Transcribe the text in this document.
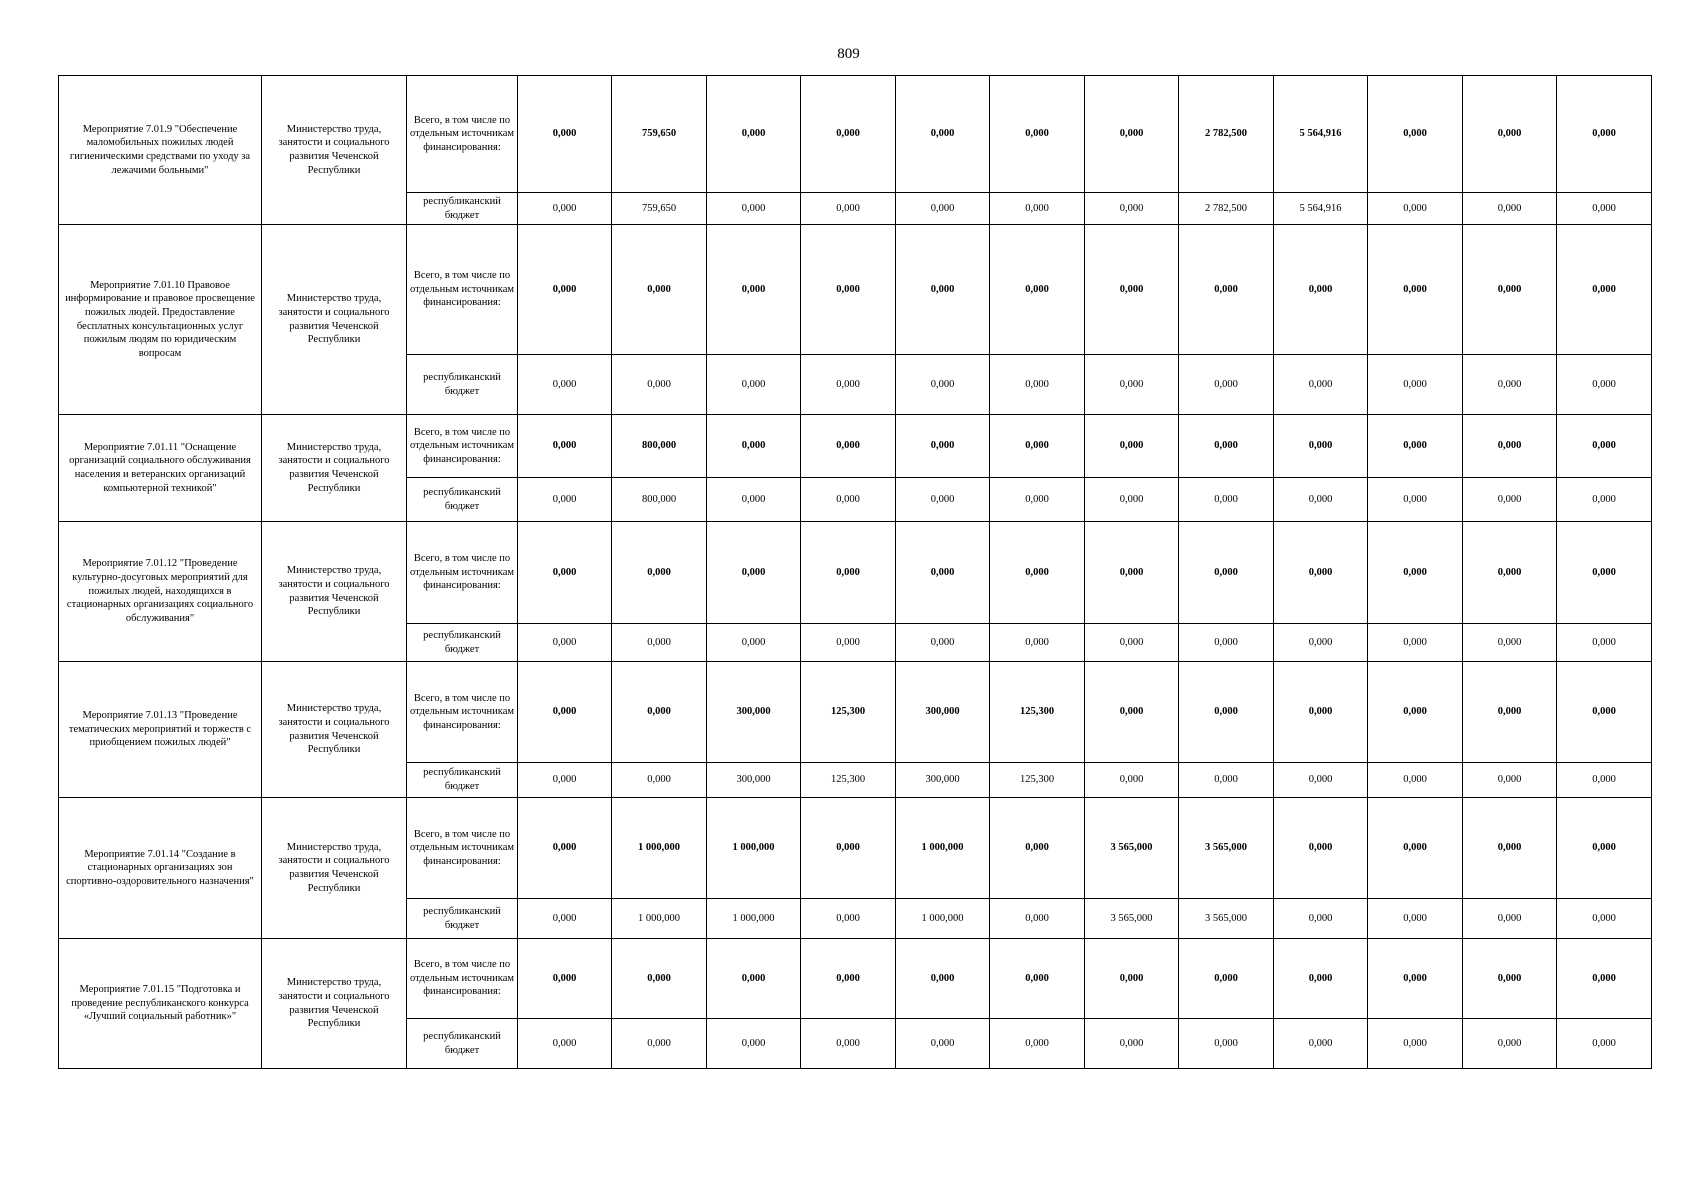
809
Мероприятие 7.01.9 "Обеспечение маломобильных пожилых людей гигиеническими средствами по уходу за лежачими больными"	Министерство труда, занятости и социального развития Чеченской Республики	Всего, в том числе по отдельным источникам финансирования:	0,000	759,650	0,000	0,000	0,000	0,000	0,000	2 782,500	5 564,916	0,000	0,000	0,000
		республиканский бюджет	0,000	759,650	0,000	0,000	0,000	0,000	0,000	2 782,500	5 564,916	0,000	0,000	0,000
Мероприятие 7.01.10 Правовое информирование и правовое просвещение пожилых людей. Предоставление бесплатных консультационных услуг пожилым людям по юридическим вопросам	Министерство труда, занятости и социального развития Чеченской Республики	Всего, в том числе по отдельным источникам финансирования:	0,000	0,000	0,000	0,000	0,000	0,000	0,000	0,000	0,000	0,000	0,000	0,000
		республиканский бюджет	0,000	0,000	0,000	0,000	0,000	0,000	0,000	0,000	0,000	0,000	0,000	0,000
Мероприятие 7.01.11 "Оснащение организаций социального обслуживания населения и ветеранских организаций компьютерной техникой"	Министерство труда, занятости и социального развития Чеченской Республики	Всего, в том числе по отдельным источникам финансирования:	0,000	800,000	0,000	0,000	0,000	0,000	0,000	0,000	0,000	0,000	0,000	0,000
		республиканский бюджет	0,000	800,000	0,000	0,000	0,000	0,000	0,000	0,000	0,000	0,000	0,000	0,000
Мероприятие 7.01.12 "Проведение культурно-досуговых мероприятий для пожилых людей, находящихся в стационарных организациях социального обслуживания"	Министерство труда, занятости и социального развития Чеченской Республики	Всего, в том числе по отдельным источникам финансирования:	0,000	0,000	0,000	0,000	0,000	0,000	0,000	0,000	0,000	0,000	0,000	0,000
		республиканский бюджет	0,000	0,000	0,000	0,000	0,000	0,000	0,000	0,000	0,000	0,000	0,000	0,000
Мероприятие 7.01.13 "Проведение тематических мероприятий и торжеств с приобщением пожилых людей"	Министерство труда, занятости и социального развития Чеченской Республики	Всего, в том числе по отдельным источникам финансирования:	0,000	0,000	300,000	125,300	300,000	125,300	0,000	0,000	0,000	0,000	0,000	0,000
		республиканский бюджет	0,000	0,000	300,000	125,300	300,000	125,300	0,000	0,000	0,000	0,000	0,000	0,000
Мероприятие 7.01.14 "Создание в стационарных организациях зон спортивно-оздоровительного назначения"	Министерство труда, занятости и социального развития Чеченской Республики	Всего, в том числе по отдельным источникам финансирования:	0,000	1 000,000	1 000,000	0,000	1 000,000	0,000	3 565,000	3 565,000	0,000	0,000	0,000	0,000
		республиканский бюджет	0,000	1 000,000	1 000,000	0,000	1 000,000	0,000	3 565,000	3 565,000	0,000	0,000	0,000	0,000
Мероприятие 7.01.15 "Подготовка и проведение республиканского конкурса «Лучший социальный работник»"	Министерство труда, занятости и социального развития Чеченской Республики	Всего, в том числе по отдельным источникам финансирования:	0,000	0,000	0,000	0,000	0,000	0,000	0,000	0,000	0,000	0,000	0,000	0,000
		республиканский бюджет	0,000	0,000	0,000	0,000	0,000	0,000	0,000	0,000	0,000	0,000	0,000	0,000
